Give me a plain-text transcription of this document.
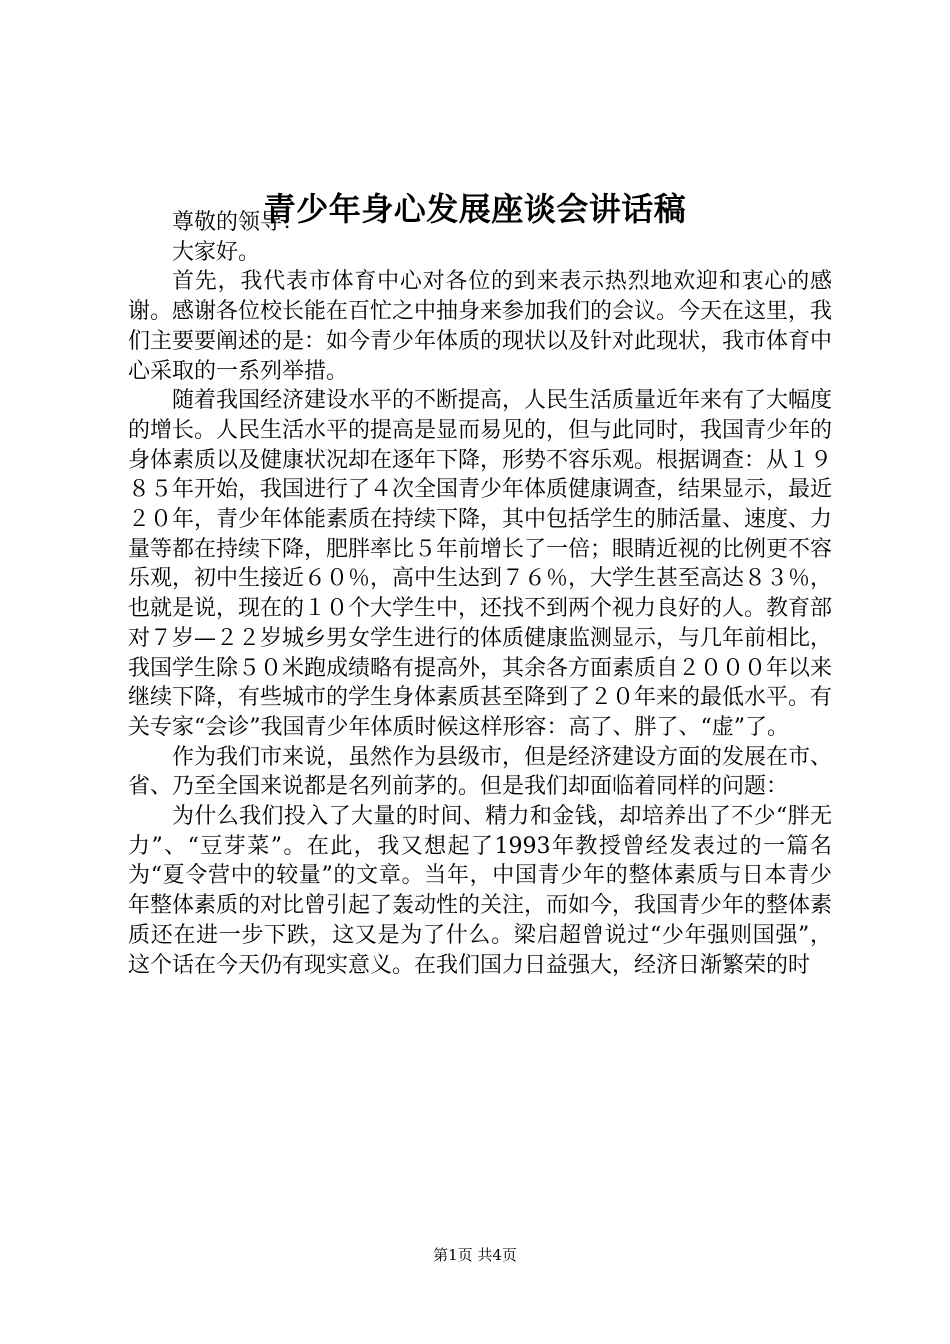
青少年身心发展座谈会讲话稿

尊敬的领导：

大家好。

首先，我代表市体育中心对各位的到来表示热烈地欢迎和衷心的感谢。感谢各位校长能在百忙之中抽身来参加我们的会议。今天在这里，我们主要要阐述的是：如今青少年体质的现状以及针对此现状，我市体育中心采取的一系列举措。

随着我国经济建设水平的不断提高，人民生活质量近年来有了大幅度的增长。人民生活水平的提高是显而易见的，但与此同时，我国青少年的身体素质以及健康状况却在逐年下降，形势不容乐观。根据调查：从１９８５年开始，我国进行了４次全国青少年体质健康调查，结果显示，最近２０年，青少年体能素质在持续下降，其中包括学生的肺活量、速度、力量等都在持续下降，肥胖率比５年前增长了一倍；眼睛近视的比例更不容乐观，初中生接近６０％，高中生达到７６％，大学生甚至高达８３％，也就是说，现在的１０个大学生中，还找不到两个视力良好的人。教育部对７岁—２２岁城乡男女学生进行的体质健康监测显示，与几年前相比，我国学生除５０米跑成绩略有提高外，其余各方面素质自２０００年以来继续下降，有些城市的学生身体素质甚至降到了２０年来的最低水平。有关专家“会诊”我国青少年体质时候这样形容：高了、胖了、“虚”了。

作为我们市来说，虽然作为县级市，但是经济建设方面的发展在市、省、乃至全国来说都是名列前茅的。但是我们却面临着同样的问题：

为什么我们投入了大量的时间、精力和金钱，却培养出了不少“胖无力”、“豆芽菜”。在此，我又想起了1993年教授曾经发表过的一篇名为“夏令营中的较量”的文章。当年，中国青少年的整体素质与日本青少年整体素质的对比曾引起了轰动性的关注，而如今，我国青少年的整体素质还在进一步下跌，这又是为了什么。梁启超曾说过“少年强则国强”，这个话在今天仍有现实意义。在我们国力日益强大，经济日渐繁荣的时

第1页 共4页
